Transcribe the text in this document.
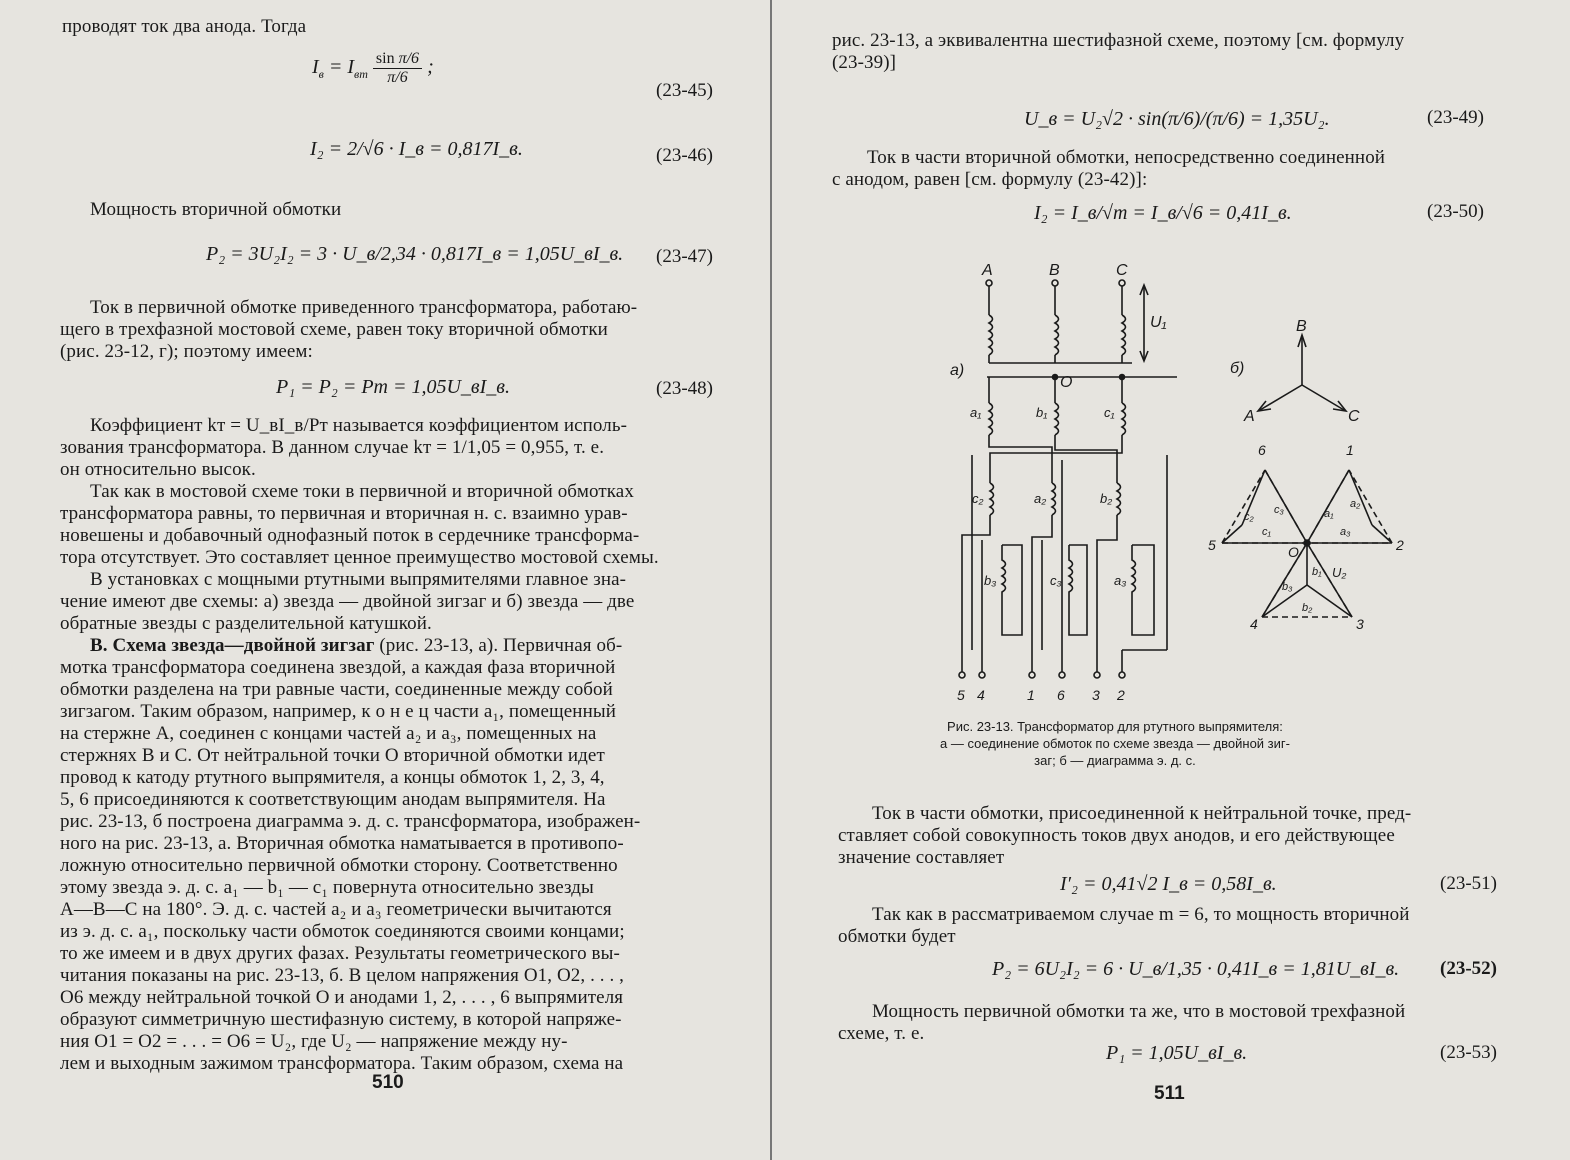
проводят ток два анода. Тогда
$I_в = I_{вm} \frac{\text{sin π/6}}{\pi/6}$ ;
(23-45)
I₂ = 2/√6 · I_в = 0,817I_в.	(23-46)
Мощность вторичной обмотки
P₂ = 3U₂I₂ = 3 · U_в/2,34 · 0,817I_в = 1,05U_вI_в. (23-47)
Ток в первичной обмотке приведенного трансформатора, работаю-
щего в трехфазной мостовой схеме, равен току вторичной обмотки
(рис. 23-12, г); поэтому имеем:
P₁ = P₂ = Pт = 1,05U_вI_в.	(23-48)
Коэффициент kт = U_вI_в/Pт называется коэффициентом исполь-
зования трансформатора. В данном случае kт = 1/1,05 = 0,955, т. е.
он относительно высок.
Так как в мостовой схеме токи в первичной и вторичной обмотках
трансформатора равны, то первичная и вторичная н. с. взаимно урав-
новешены и добавочный однофазный поток в сердечнике трансформа-
тора отсутствует. Это составляет ценное преимущество мостовой схемы.
В установках с мощными ртутными выпрямителями главное зна-
чение имеют две схемы: а) звезда — двойной зигзаг и б) звезда — две
обратные звезды с разделительной катушкой.
В. Схема звезда—двойной зигзаг (рис. 23-13, а). Первичная об-
мотка трансформатора соединена звездой, а каждая фаза вторичной
обмотки разделена на три равные части, соединенные между собой
зигзагом. Таким образом, например, к о н е ц части a₁, помещенный
на стержне A, соединен с концами частей a₂ и a₃, помещенных на
стержнях B и C. От нейтральной точки O вторичной обмотки идет
провод к катоду ртутного выпрямителя, а концы обмоток 1, 2, 3, 4,
5, 6 присоединяются к соответствующим анодам выпрямителя. На
рис. 23-13, б построена диаграмма э. д. с. трансформатора, изображен-
ного на рис. 23-13, а. Вторичная обмотка наматывается в противопо-
ложную относительно первичной обмотки сторону. Соответственно
этому звезда э. д. с. a₁ — b₁ — c₁ повернута относительно звезды
A—B—C на 180°. Э. д. с. частей a₂ и a₃ геометрически вычитаются
из э. д. с. a₁, поскольку части обмоток соединяются своими концами;
то же имеем и в двух других фазах. Результаты геометрического вы-
читания показаны на рис. 23-13, б. В целом напряжения O1, O2, . . . ,
O6 между нейтральной точкой O и анодами 1, 2, . . . , 6 выпрямителя
образуют симметричную шестифазную систему, в которой напряже-
ния O1 = O2 = . . . = O6 = U₂, где U₂ — напряжение между ну-
лем и выходным зажимом трансформатора. Таким образом, схема на
510
рис. 23-13, а эквивалентна шестифазной схеме, поэтому [см. формулу
(23-39)]
U_в = U₂√2 · sin(π/6)/(π/6) = 1,35U₂.	(23-49)
Ток в части вторичной обмотки, непосредственно соединенной
с анодом, равен [см. формулу (23-42)]:
I₂ = I_в/√m = I_в/√6 = 0,41I_в.	(23-50)
A	B	C
U₁
а)
O
a₁	b₁	c₁
c₂	a₂	b₂
b₃	c₃	a₃
5 4	1 6 3 2
B
A	C
б)
6	1
2
3
4
5	O
c₃
c₂
c₁
a₁
a₂
a₃
b₁
b₃
b₂
U₂
Рис. 23-13. Трансформатор для ртутного выпрямителя:
а — соединение обмоток по схеме звезда — двойной зиг-
заг; б — диаграмма э. д. с.
Ток в части обмотки, присоединенной к нейтральной точке, пред-
ставляет собой совокупность токов двух анодов, и его действующее
значение составляет
I′₂ = 0,41√2 I_в = 0,58I_в.	(23-51)
Так как в рассматриваемом случае m = 6, то мощность вторичной
обмотки будет
P₂ = 6U₂I₂ = 6 · U_в/1,35 · 0,41I_в = 1,81U_вI_в. (23-52)
Мощность первичной обмотки та же, что в мостовой трехфазной
схеме, т. е.
P₁ = 1,05U_вI_в.	(23-53)
511
